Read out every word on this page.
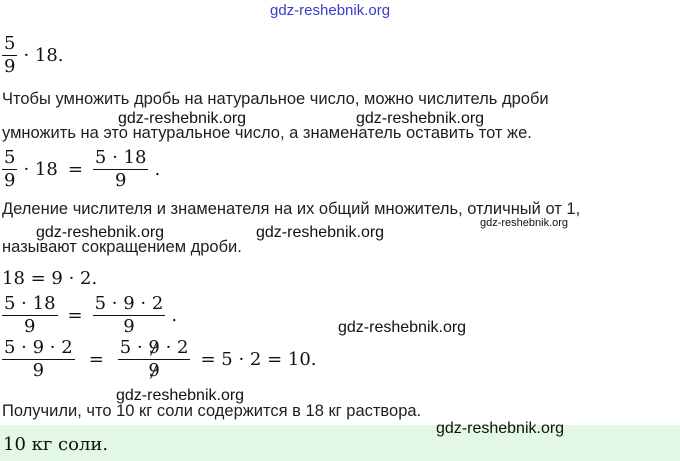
gdz-reshebnik.org
$\frac{5}{9} \cdot 18$.
Чтобы умножить дробь на натуральное число, можно числитель дроби
gdz-reshebnik.org	gdz-reshebnik.org
умножить на это натуральное число, а знаменатель оставить тот же.
$\frac{5}{9} \cdot 18 = \frac{5 \cdot 18}{9}$ .
Деление числителя и знаменателя на их общий множитель, отличный от 1,
gdz-reshebnik.org
gdz-reshebnik.org	gdz-reshebnik.org
называют сокращением дроби.
18 = 9 · 2.
$\frac{5 \cdot 18}{9} = \frac{5 \cdot 9 \cdot 2}{9}$ .
gdz-reshebnik.org
$\frac{5 \cdot 9 \cdot 2}{9} = \frac{5 \cdot 9 \cdot 2}{9} = 5 \cdot 2 = 10$.
gdz-reshebnik.org
Получили, что 10 кг соли содержится в 18 кг раствора.
10 кг соли.
gdz-reshebnik.org
